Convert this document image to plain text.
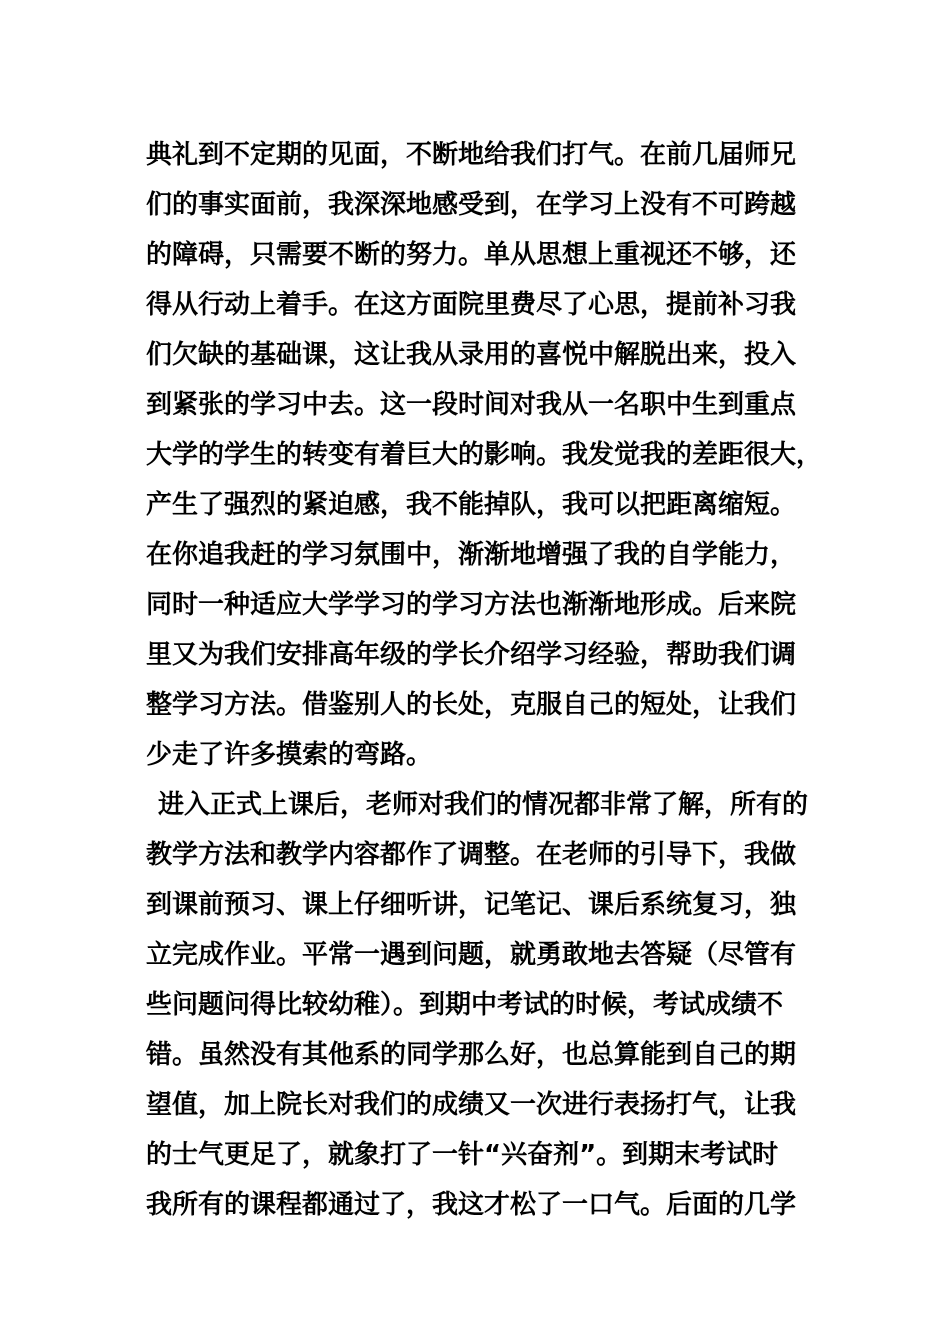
典礼到不定期的见面，不断地给我们打气。在前几届师兄
们的事实面前，我深深地感受到，在学习上没有不可跨越
的障碍，只需要不断的努力。单从思想上重视还不够，还
得从行动上着手。在这方面院里费尽了心思，提前补习我
们欠缺的基础课，这让我从录用的喜悦中解脱出来，投入
到紧张的学习中去。这一段时间对我从一名职中生到重点
大学的学生的转变有着巨大的影响。我发觉我的差距很大，
产生了强烈的紧迫感，我不能掉队，我可以把距离缩短。
在你追我赶的学习氛围中，渐渐地增强了我的自学能力，
同时一种适应大学学习的学习方法也渐渐地形成。后来院
里又为我们安排高年级的学长介绍学习经验，帮助我们调
整学习方法。借鉴别人的长处，克服自己的短处，让我们
少走了许多摸索的弯路。
进入正式上课后，老师对我们的情况都非常了解，所有的
教学方法和教学内容都作了调整。在老师的引导下，我做
到课前预习、课上仔细听讲，记笔记、课后系统复习，独
立完成作业。平常一遇到问题，就勇敢地去答疑（尽管有
些问题问得比较幼稚）。到期中考试的时候，考试成绩不
错。虽然没有其他系的同学那么好，也总算能到自己的期
望值，加上院长对我们的成绩又一次进行表扬打气，让我
的士气更足了，就象打了一针“兴奋剂”。到期末考试时
我所有的课程都通过了，我这才松了一口气。后面的几学
